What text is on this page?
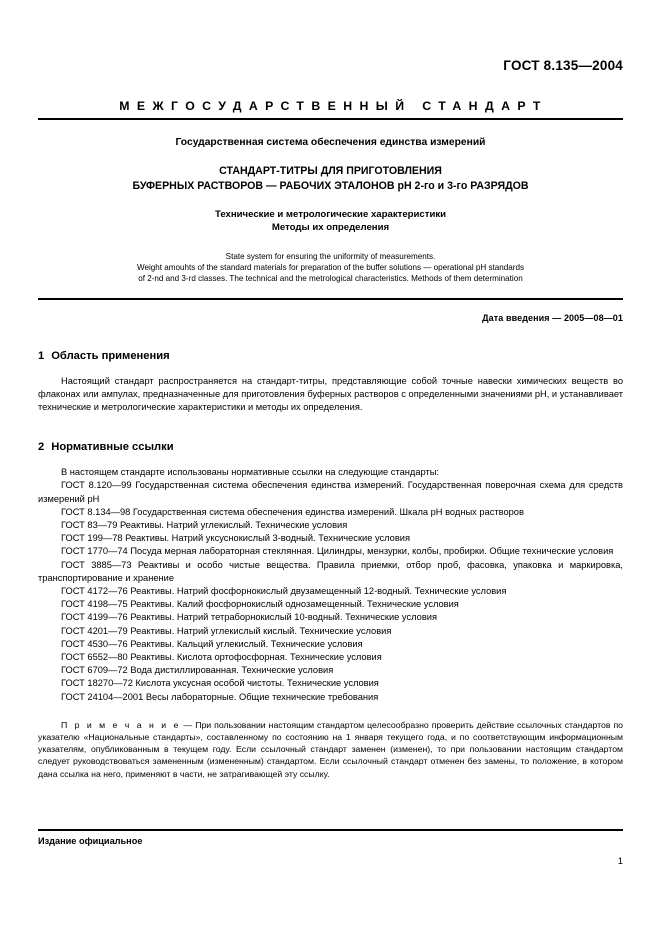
ГОСТ 8.135—2004
МЕЖГОСУДАРСТВЕННЫЙ СТАНДАРТ
Государственная система обеспечения единства измерений
СТАНДАРТ-ТИТРЫ ДЛЯ ПРИГОТОВЛЕНИЯ
БУФЕРНЫХ РАСТВОРОВ — РАБОЧИХ ЭТАЛОНОВ pH 2-го и 3-го РАЗРЯДОВ
Технические и метрологические характеристики
Методы их определения
State system for ensuring the uniformity of measurements.
Weight amouhts of the standard materials for preparation of the buffer solutions — operational pH standards
of 2-nd and 3-rd classes. The technical and the metrological characteristics. Methods of them determination
Дата введения — 2005—08—01
1 Область применения

Настоящий стандарт распространяется на стандарт-титры, представляющие собой точные навески химических веществ во флаконах или ампулах, предназначенные для приготовления буферных растворов с определенными значениями pH, и устанавливает технические и метрологические характеристики и методы их определения.

2 Нормативные ссылки

В настоящем стандарте использованы нормативные ссылки на следующие стандарты:

ГОСТ 8.120—99 Государственная система обеспечения единства измерений. Государственная поверочная схема для средств измерений pH

ГОСТ 8.134—98 Государственная система обеспечения единства измерений. Шкала pH водных растворов

ГОСТ 83—79 Реактивы. Натрий углекислый. Технические условия

ГОСТ 199—78 Реактивы. Натрий уксуснокислый 3-водный. Технические условия

ГОСТ 1770—74 Посуда мерная лабораторная стеклянная. Цилиндры, мензурки, колбы, пробирки. Общие технические условия

ГОСТ 3885—73 Реактивы и особо чистые вещества. Правила приемки, отбор проб, фасовка, упаковка и маркировка, транспортирование и хранение

ГОСТ 4172—76 Реактивы. Натрий фосфорнокислый двузамещенный 12-водный. Технические условия

ГОСТ 4198—75 Реактивы. Калий фосфорнокислый однозамещенный. Технические условия

ГОСТ 4199—76 Реактивы. Натрий тетраборнокислый 10-водный. Технические условия

ГОСТ 4201—79 Реактивы. Натрий углекислый кислый. Технические условия

ГОСТ 4530—76 Реактивы. Кальций углекислый. Технические условия

ГОСТ 6552—80 Реактивы. Кислота ортофосфорная. Технические условия

ГОСТ 6709—72 Вода дистиллированная. Технические условия

ГОСТ 18270—72 Кислота уксусная особой чистоты. Технические условия

ГОСТ 24104—2001 Весы лабораторные. Общие технические требования

П р и м е ч а н и е — При пользовании настоящим стандартом целесообразно проверить действие ссылочных стандартов по указателю «Национальные стандарты», составленному по состоянию на 1 января текущего года, и по соответствующим информационным указателям, опубликованным в текущем году. Если ссылочный стандарт заменен (изменен), то при пользовании настоящим стандартом следует руководствоваться замененным (измененным) стандартом. Если ссылочный стандарт отменен без замены, то положение, в котором дана ссылка на него, применяют в части, не затрагивающей эту ссылку.

Издание официальное
1
